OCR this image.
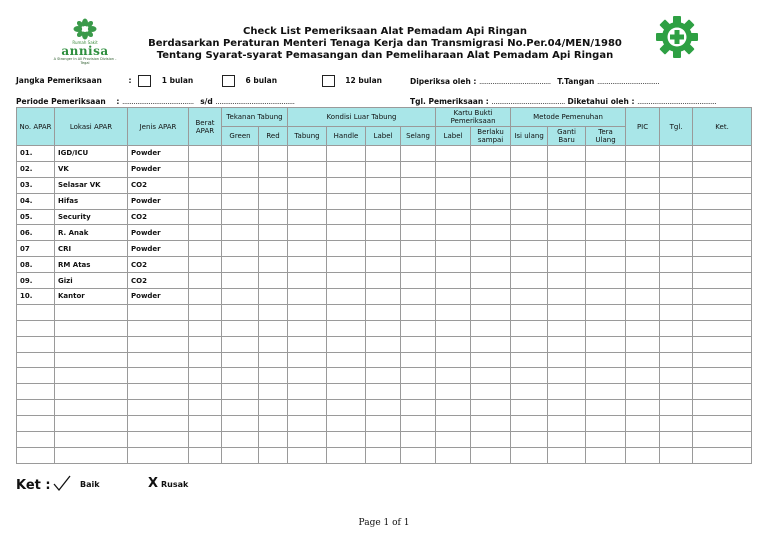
Rumah Sakit
annisa
A Stronger In All Provision Division - Tegal
Check List Pemeriksaan Alat Pemadam Api Ringan
Berdasarkan Peraturan Menteri Tenaga Kerja dan Transmigrasi No.Per.04/MEN/1980
Tentang Syarat-syarat Pemasangan dan Pemeliharaan Alat Pemadam Api Ringan
Jangka Pemeriksaan	:	1 bulan	6 bulan	12 bulan	Diperiksa oleh : ...................................... T.Tangan .................................
Periode Pemeriksaan : ...................................... s/d ..........................................	Tgl. Pemeriksaan : ....................................... Diketahui oleh : ..........................................
No. APAR	Lokasi APAR	Jenis APAR	Berat APAR	Tekanan Tabung		Kondisi Luar Tabung				Kartu Bukti Pemeriksaan		Metode Pemenuhan			PIC	Tgl.	Ket.
				Green	Red	Tabung	Handle	Label	Selang	Label	Berlaku sampai	Isi ulang	Ganti Baru	Tera Ulang			
01.	IGD/ICU	Powder															
02.	VK	Powder															
03.	Selasar VK	CO2															
04.	Hifas	Powder															
05.	Security	CO2															
06.	R. Anak	Powder															
07	CRI	Powder															
08.	RM Atas	CO2															
09.	Gizi	CO2															
10.	Kantor	Powder															

Ket :	Baik	X Rusak
Page 1 of 1
